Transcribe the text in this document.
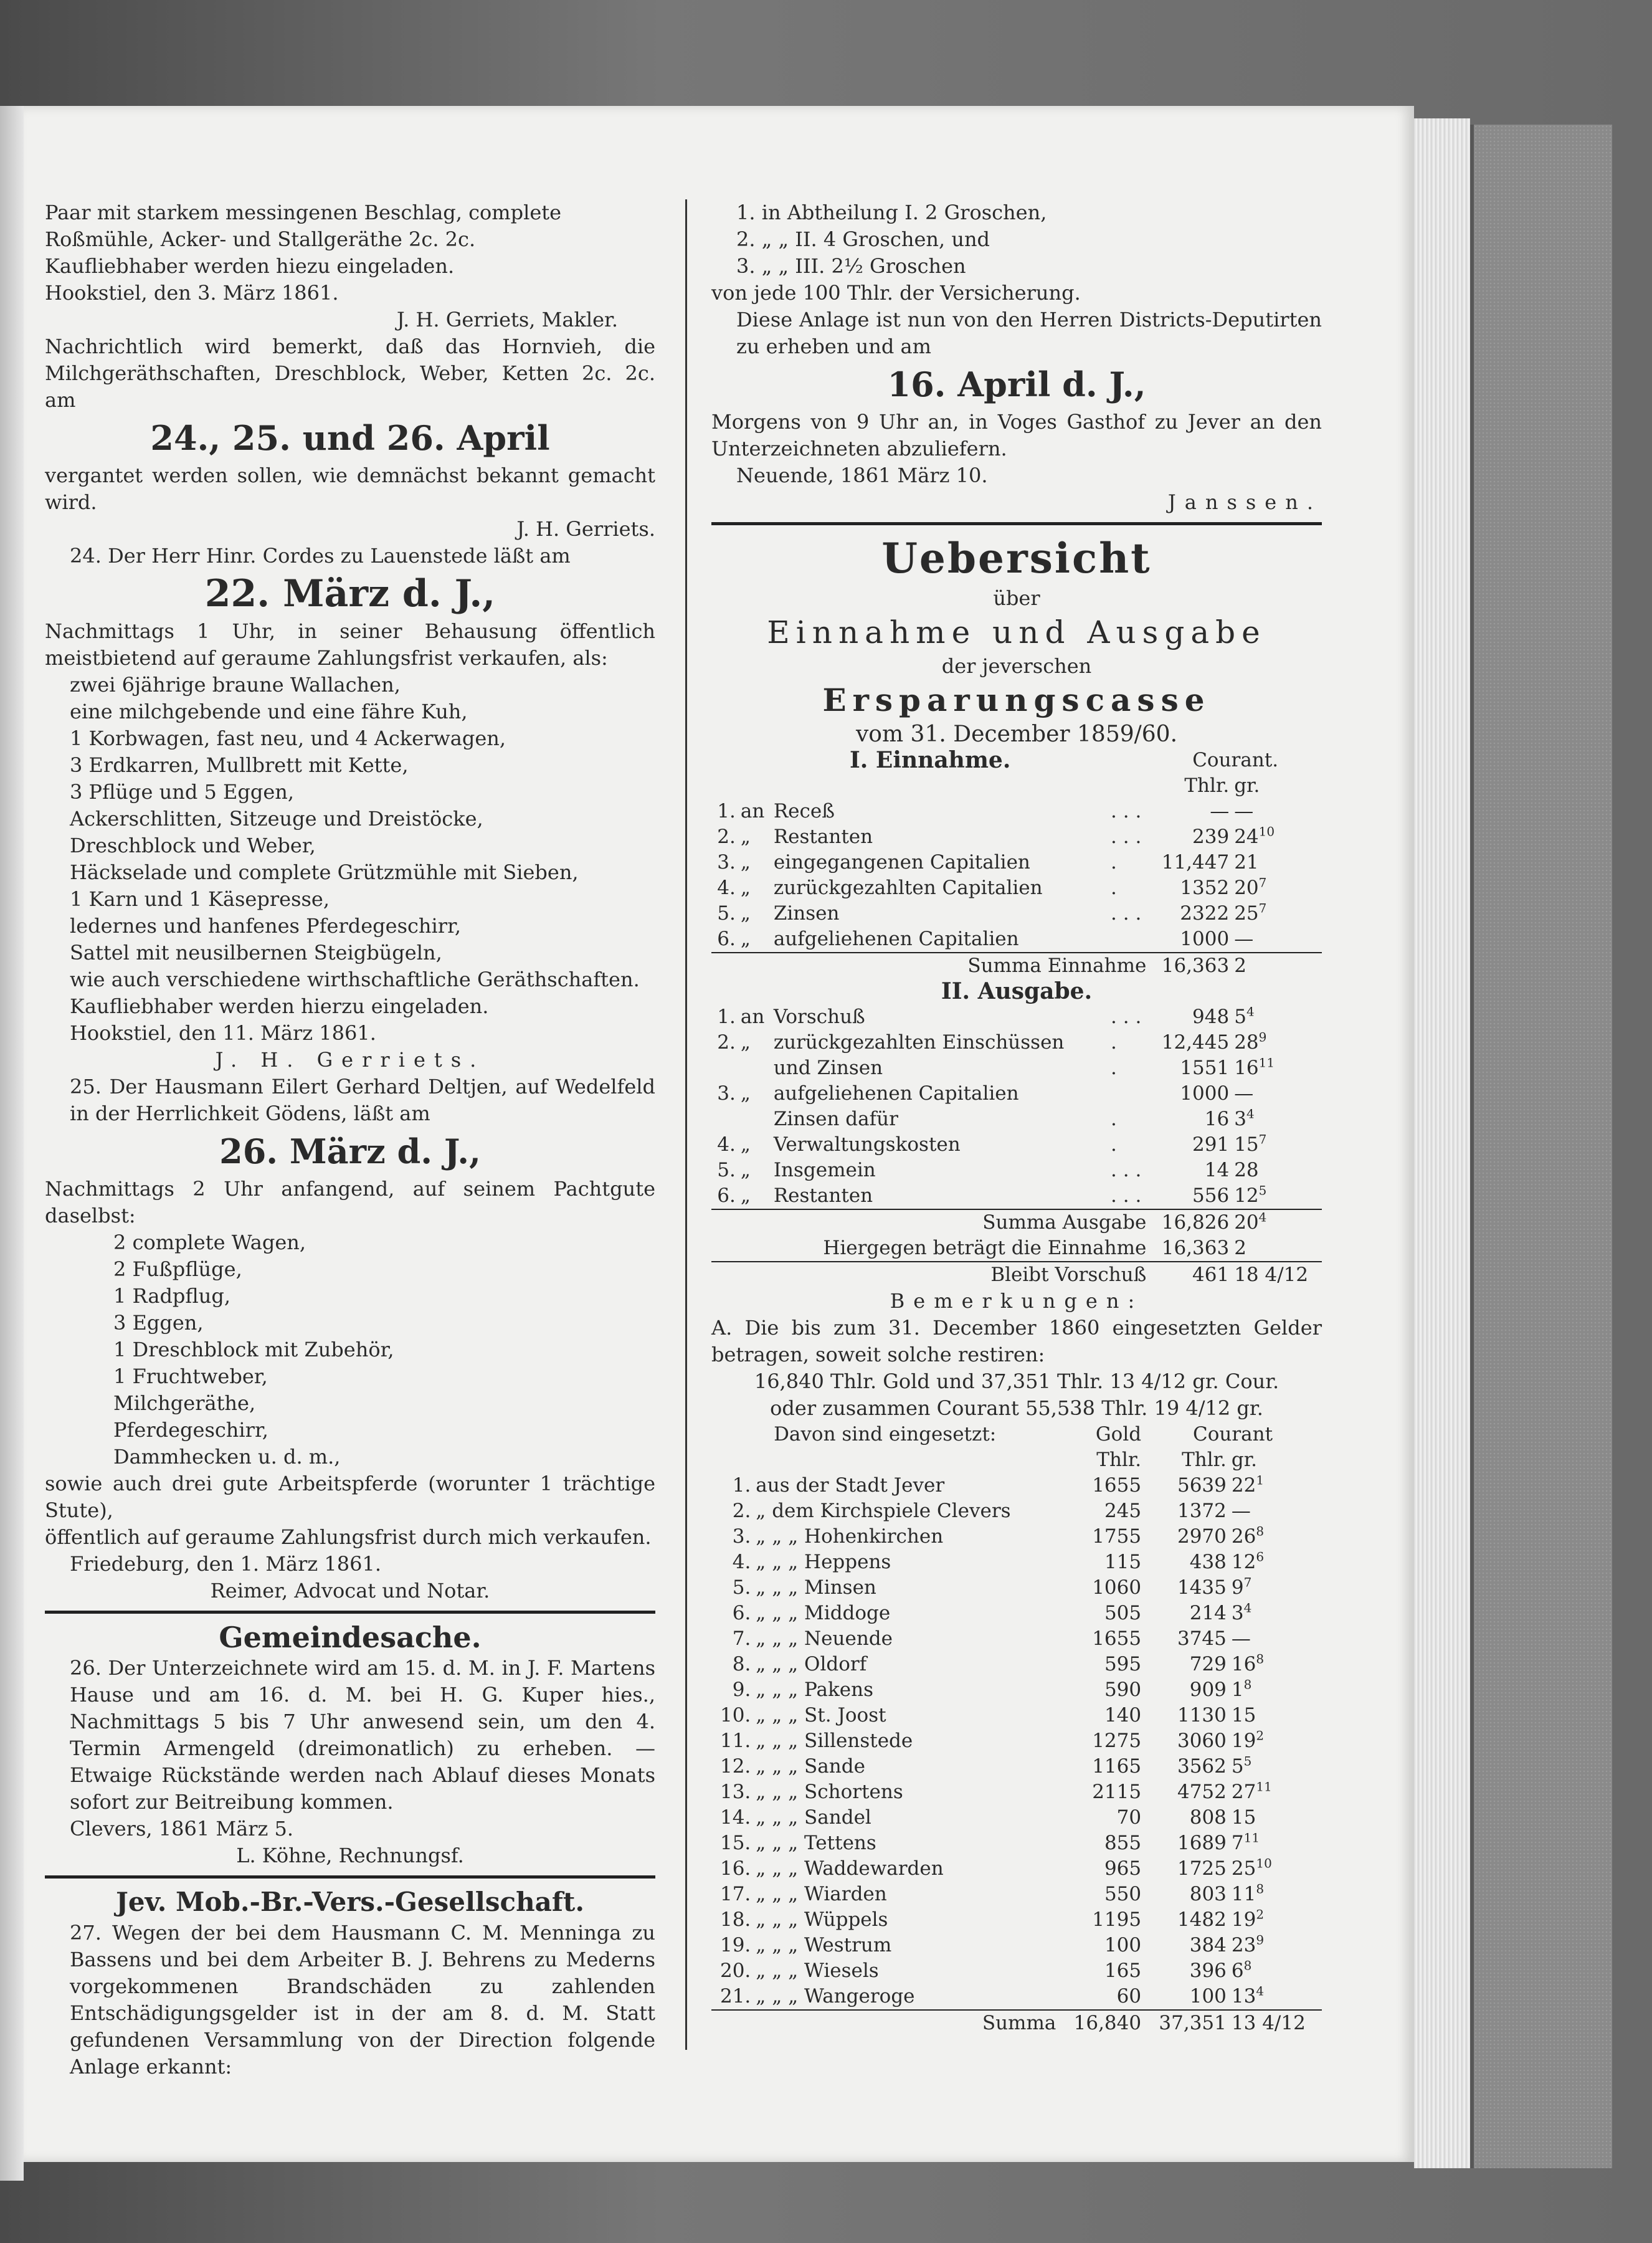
Paar mit starkem messingenen Beschlag, complete

Roßmühle, Acker- und Stallgeräthe 2c. 2c.

Kaufliebhaber werden hiezu eingeladen.

Hookstiel, den 3. März 1861.

J. H. Gerriets, Makler.

Nachrichtlich wird bemerkt, daß das Hornvieh, die Milchgeräthschaften, Dreschblock, Weber, Ketten 2c. 2c. am

24., 25. und 26. April

vergantet werden sollen, wie demnächst bekannt gemacht wird.

J. H. Gerriets.

24. Der Herr Hinr. Cordes zu Lauenstede läßt am

22. März d. J.,

Nachmittags 1 Uhr, in seiner Behausung öffentlich meistbietend auf geraume Zahlungsfrist verkaufen, als:

zwei 6jährige braune Wallachen,

eine milchgebende und eine fähre Kuh,

1 Korbwagen, fast neu, und 4 Ackerwagen,

3 Erdkarren, Mullbrett mit Kette,

3 Pflüge und 5 Eggen,

Ackerschlitten, Sitzeuge und Dreistöcke,

Dreschblock und Weber,

Häckselade und complete Grützmühle mit Sieben,

1 Karn und 1 Käsepresse,

ledernes und hanfenes Pferdegeschirr,

Sattel mit neusilbernen Steigbügeln,

wie auch verschiedene wirthschaftliche Geräthschaften.

Kaufliebhaber werden hierzu eingeladen.

Hookstiel, den 11. März 1861.

J. H. Gerriets.

25. Der Hausmann Eilert Gerhard Deltjen, auf Wedelfeld in der Herrlichkeit Gödens, läßt am

26. März d. J.,

Nachmittags 2 Uhr anfangend, auf seinem Pachtgute daselbst:

2 complete Wagen,

2 Fußpflüge,

1 Radpflug,

3 Eggen,

1 Dreschblock mit Zubehör,

1 Fruchtweber,

Milchgeräthe,

Pferdegeschirr,

Dammhecken u. d. m.,

sowie auch drei gute Arbeitspferde (worunter 1 trächtige Stute),

öffentlich auf geraume Zahlungsfrist durch mich verkaufen.

Friedeburg, den 1. März 1861.

Reimer, Advocat und Notar.

Gemeindesache.

26. Der Unterzeichnete wird am 15. d. M. in J. F. Martens Hause und am 16. d. M. bei H. G. Kuper hies., Nachmittags 5 bis 7 Uhr anwesend sein, um den 4. Termin Armengeld (dreimonatlich) zu erheben. — Etwaige Rückstände werden nach Ablauf dieses Monats sofort zur Beitreibung kommen.

Clevers, 1861 März 5.

L. Köhne, Rechnungsf.

Jev. Mob.-Br.-Vers.-Gesellschaft.

27. Wegen der bei dem Hausmann C. M. Menninga zu Bassens und bei dem Arbeiter B. J. Behrens zu Mederns vorgekommenen Brandschäden zu zahlenden Entschädigungsgelder ist in der am 8. d. M. Statt gefundenen Versammlung von der Direction folgende Anlage erkannt:

1. in Abtheilung I. 2 Groschen,

2. „ „ II. 4 Groschen, und

3. „ „ III. 2½ Groschen

von jede 100 Thlr. der Versicherung.

Diese Anlage ist nun von den Herren Districts-Deputirten zu erheben und am

16. April d. J.,

Morgens von 9 Uhr an, in Voges Gasthof zu Jever an den Unterzeichneten abzuliefern.

Neuende, 1861 März 10.

Janssen.

Uebersicht

über

Einnahme und Ausgabe

der jeverschen

Ersparungscasse

vom 31. December 1859/60.

I. Einnahme.				Courant.	
				Thlr.	gr.
1.	an	Receß	. . .	—	—
2.	„	Restanten	. . .	239	$24^{10}$
3.	„	eingegangenen Capitalien	.	11,447	21
4.	„	zurückgezahlten Capitalien	.	1352	$20^7$
5.	„	Zinsen	. . .	2322	$25^7$
6.	„	aufgeliehenen Capitalien		1000	—
Summa Einnahme				16,363	2
II. Ausgabe.					
1.	an	Vorschuß	. . .	948	$5^4$
2.	„	zurückgezahlten Einschüssen	.	12,445	$28^9$
		und Zinsen	.	1551	$16^{11}$
3.	„	aufgeliehenen Capitalien		1000	—
		Zinsen dafür	.	16	$3^4$
4.	„	Verwaltungskosten	.	291	$15^7$
5.	„	Insgemein	. . .	14	28
6.	„	Restanten	. . .	556	$12^5$
Summa Ausgabe				16,826	$20^4$
Hiergegen beträgt die Einnahme				16,363	2
Bleibt Vorschuß				461	18 4/12

Bemerkungen:

A. Die bis zum 31. December 1860 eingesetzten Gelder betragen, soweit solche restiren:

16,840 Thlr. Gold und 37,351 Thlr. 13 4/12 gr. Cour.

oder zusammen Courant 55,538 Thlr. 19 4/12 gr.

Davon sind eingesetzt:		Gold	Courant	
		Thlr.	Thlr.	gr.
1.	aus der Stadt Jever	1655	5639	$22^1$
2.	„ dem Kirchspiele Clevers	245	1372	—
3.	„ „ „ Hohenkirchen	1755	2970	$26^8$
4.	„ „ „ Heppens	115	438	$12^6$
5.	„ „ „ Minsen	1060	1435	$9^7$
6.	„ „ „ Middoge	505	214	$3^4$
7.	„ „ „ Neuende	1655	3745	—
8.	„ „ „ Oldorf	595	729	$16^8$
9.	„ „ „ Pakens	590	909	$1^8$
10.	„ „ „ St. Joost	140	1130	15
11.	„ „ „ Sillenstede	1275	3060	$19^2$
12.	„ „ „ Sande	1165	3562	$5^5$
13.	„ „ „ Schortens	2115	4752	$27^{11}$
14.	„ „ „ Sandel	70	808	15
15.	„ „ „ Tettens	855	1689	$7^{11}$
16.	„ „ „ Waddewarden	965	1725	$25^{10}$
17.	„ „ „ Wiarden	550	803	$11^8$
18.	„ „ „ Wüppels	1195	1482	$19^2$
19.	„ „ „ Westrum	100	384	$23^9$
20.	„ „ „ Wiesels	165	396	$6^8$
21.	„ „ „ Wangeroge	60	100	$13^4$
Summa		16,840	37,351	13 4/12
